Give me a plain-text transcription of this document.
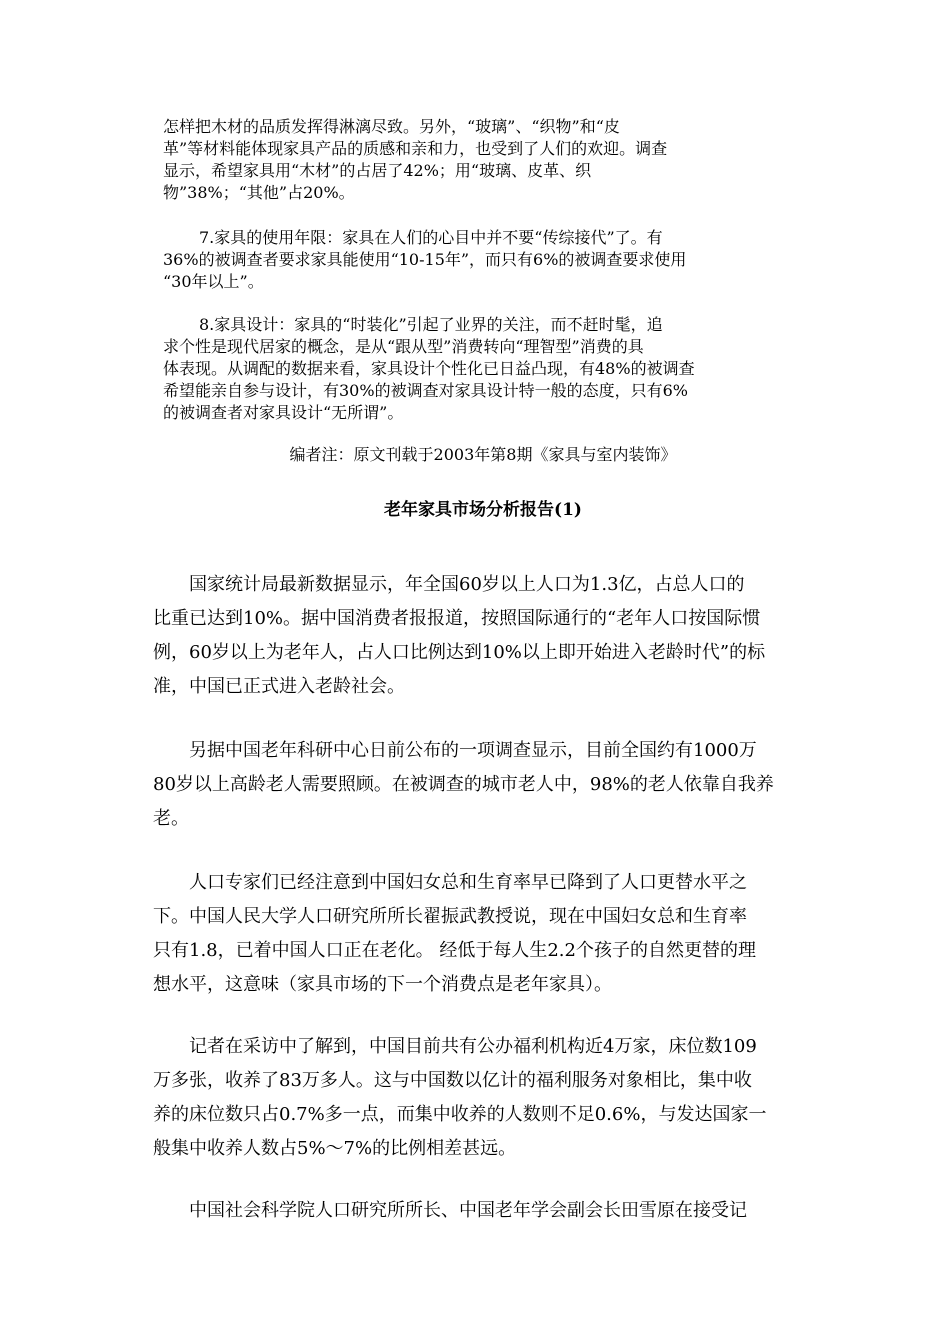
怎样把木材的品质发挥得淋漓尽致。另外，“玻璃”、“织物”和“皮
革”等材料能体现家具产品的质感和亲和力，也受到了人们的欢迎。调查
显示，希望家具用“木材”的占居了42%；用“玻璃、皮革、织
物”38%；“其他”占20%。

7.家具的使用年限：家具在人们的心目中并不要“传综接代”了。有
36%的被调查者要求家具能使用“10-15年”，而只有6%的被调查要求使用
“30年以上”。

8.家具设计：家具的“时装化”引起了业界的关注，而不赶时髦，追
求个性是现代居家的概念，是从“跟从型”消费转向“理智型”消费的具
体表现。从调配的数据来看，家具设计个性化已日益凸现，有48%的被调查
希望能亲自参与设计，有30%的被调查对家具设计特一般的态度，只有6%
的被调查者对家具设计“无所谓”。

编者注：原文刊载于2003年第8期《家具与室内装饰》

老年家具市场分析报告(1)

国家统计局最新数据显示，年全国60岁以上人口为1.3亿，占总人口的
比重已达到10%。据中国消费者报报道，按照国际通行的“老年人口按国际惯
例，60岁以上为老年人，占人口比例达到10%以上即开始进入老龄时代”的标
准，中国已正式进入老龄社会。

另据中国老年科研中心日前公布的一项调查显示，目前全国约有1000万
80岁以上高龄老人需要照顾。在被调查的城市老人中，98%的老人依靠自我养
老。

人口专家们已经注意到中国妇女总和生育率早已降到了人口更替水平之
下。中国人民大学人口研究所所长翟振武教授说，现在中国妇女总和生育率
只有1.8，已着中国人口正在老化。 经低于每人生2.2个孩子的自然更替的理
想水平，这意味（家具市场的下一个消费点是老年家具）。

记者在采访中了解到，中国目前共有公办福利机构近4万家，床位数109
万多张，收养了83万多人。这与中国数以亿计的福利服务对象相比，集中收
养的床位数只占0.7%多一点，而集中收养的人数则不足0.6%，与发达国家一
般集中收养人数占5%～7%的比例相差甚远。

中国社会科学院人口研究所所长、中国老年学会副会长田雪原在接受记
